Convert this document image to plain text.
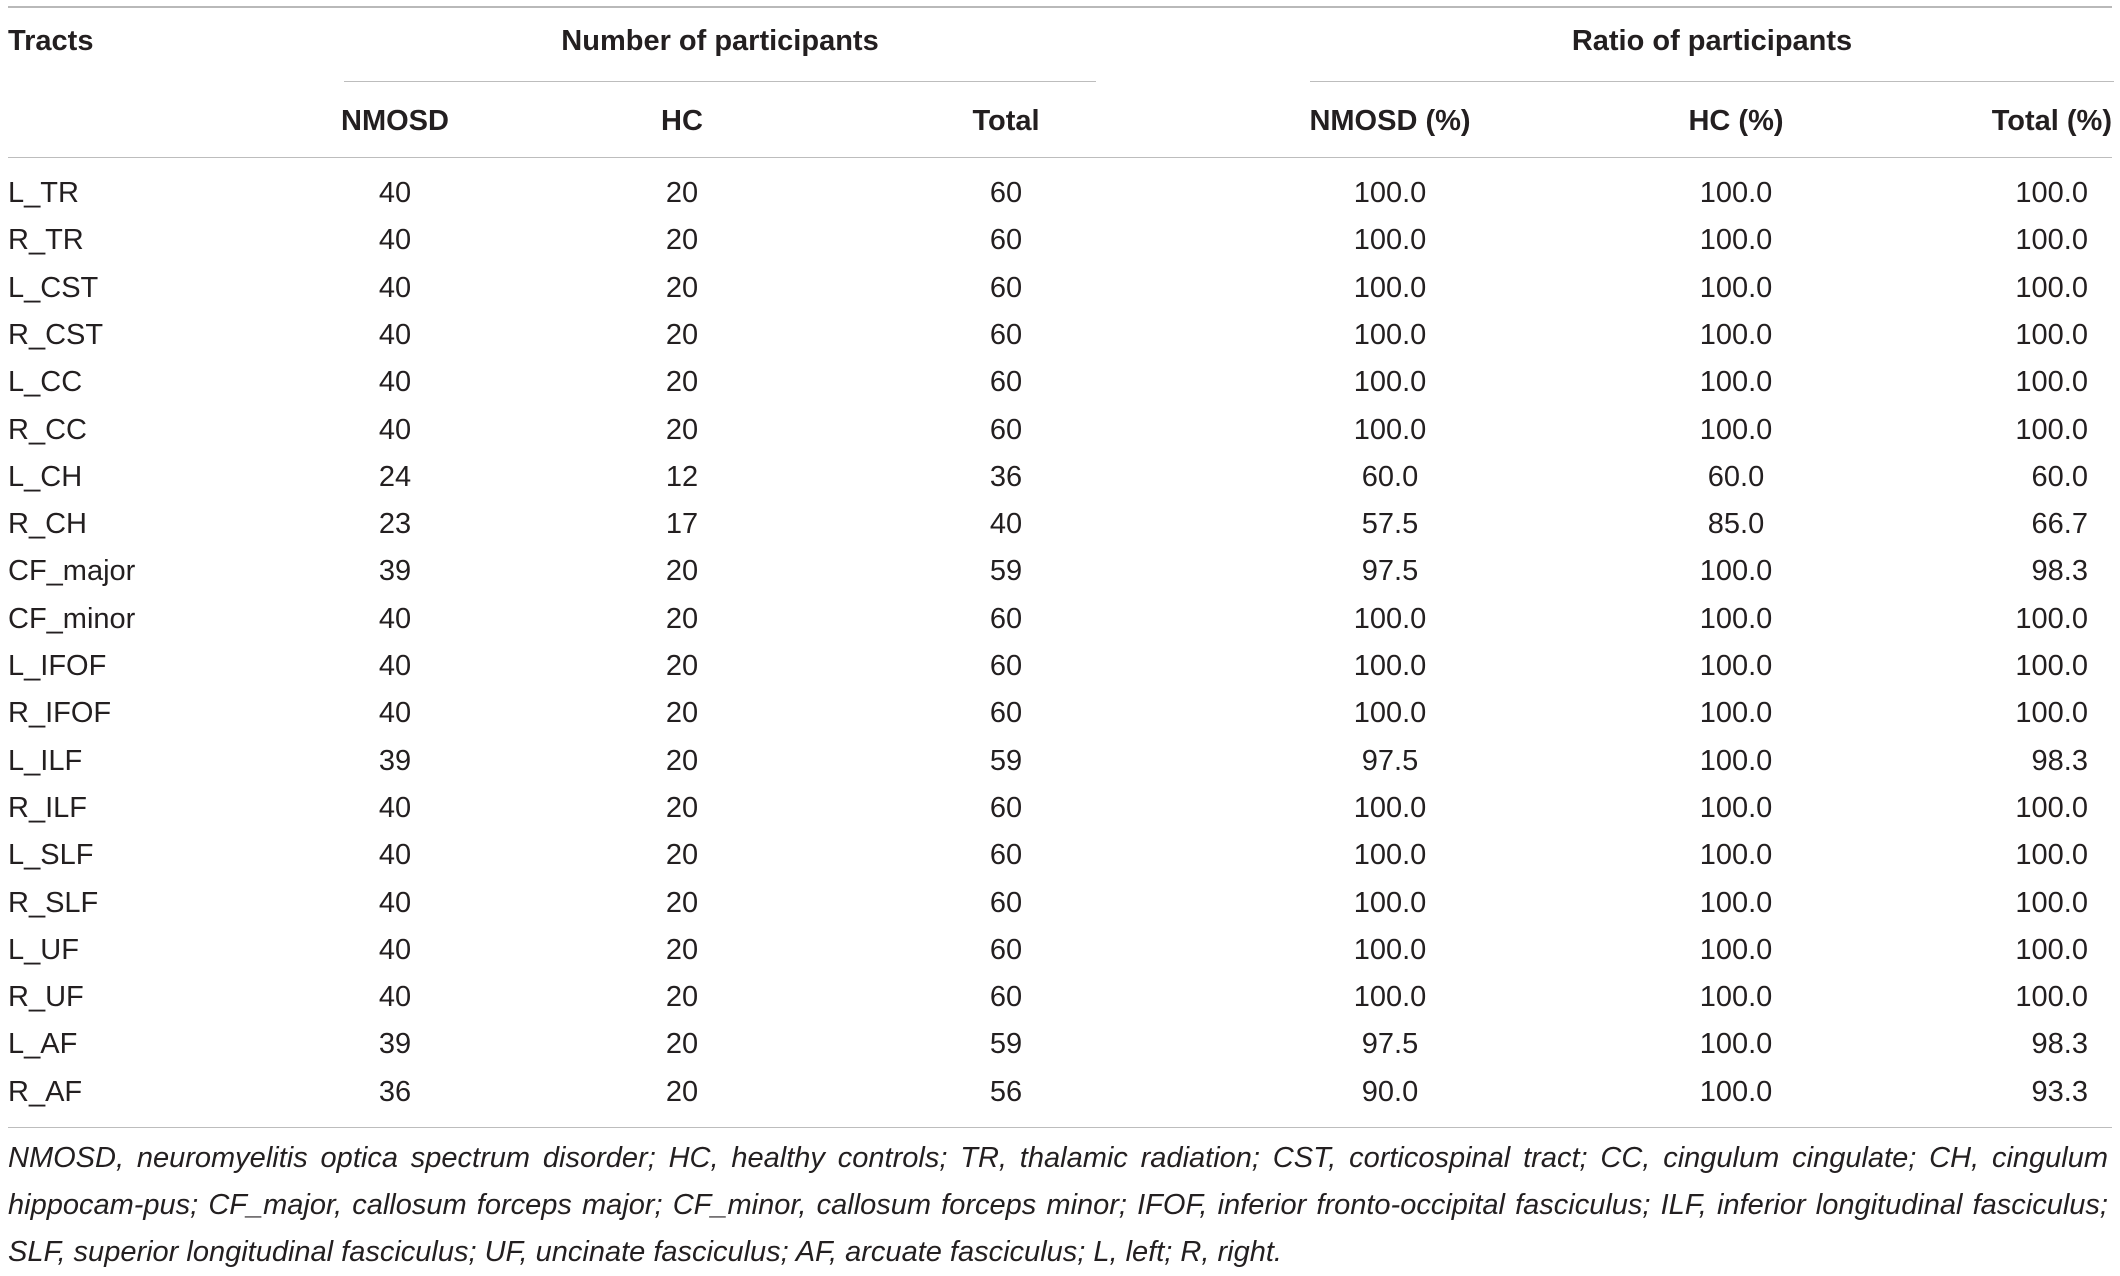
Tracts	Number of participants	Ratio of participants
NMOSD	HC	Total	NMOSD (%)	HC (%)	Total (%)
L_TR	40	20	60	100.0	100.0	100.0
R_TR	40	20	60	100.0	100.0	100.0
L_CST	40	20	60	100.0	100.0	100.0
R_CST	40	20	60	100.0	100.0	100.0
L_CC	40	20	60	100.0	100.0	100.0
R_CC	40	20	60	100.0	100.0	100.0
L_CH	24	12	36	60.0	60.0	60.0
R_CH	23	17	40	57.5	85.0	66.7
CF_major	39	20	59	97.5	100.0	98.3
CF_minor	40	20	60	100.0	100.0	100.0
L_IFOF	40	20	60	100.0	100.0	100.0
R_IFOF	40	20	60	100.0	100.0	100.0
L_ILF	39	20	59	97.5	100.0	98.3
R_ILF	40	20	60	100.0	100.0	100.0
L_SLF	40	20	60	100.0	100.0	100.0
R_SLF	40	20	60	100.0	100.0	100.0
L_UF	40	20	60	100.0	100.0	100.0
R_UF	40	20	60	100.0	100.0	100.0
L_AF	39	20	59	97.5	100.0	98.3
R_AF	36	20	56	90.0	100.0	93.3
NMOSD, neuromyelitis optica spectrum disorder; HC, healthy controls; TR, thalamic radiation; CST, corticospinal tract; CC, cingulum cingulate; CH, cingulum hippocam-pus; CF_major, callosum forceps major; CF_minor, callosum forceps minor; IFOF, inferior fronto-occipital fasciculus; ILF, inferior longitudinal fasciculus; SLF, superior longitudinal fasciculus; UF, uncinate fasciculus; AF, arcuate fasciculus; L, left; R, right.
